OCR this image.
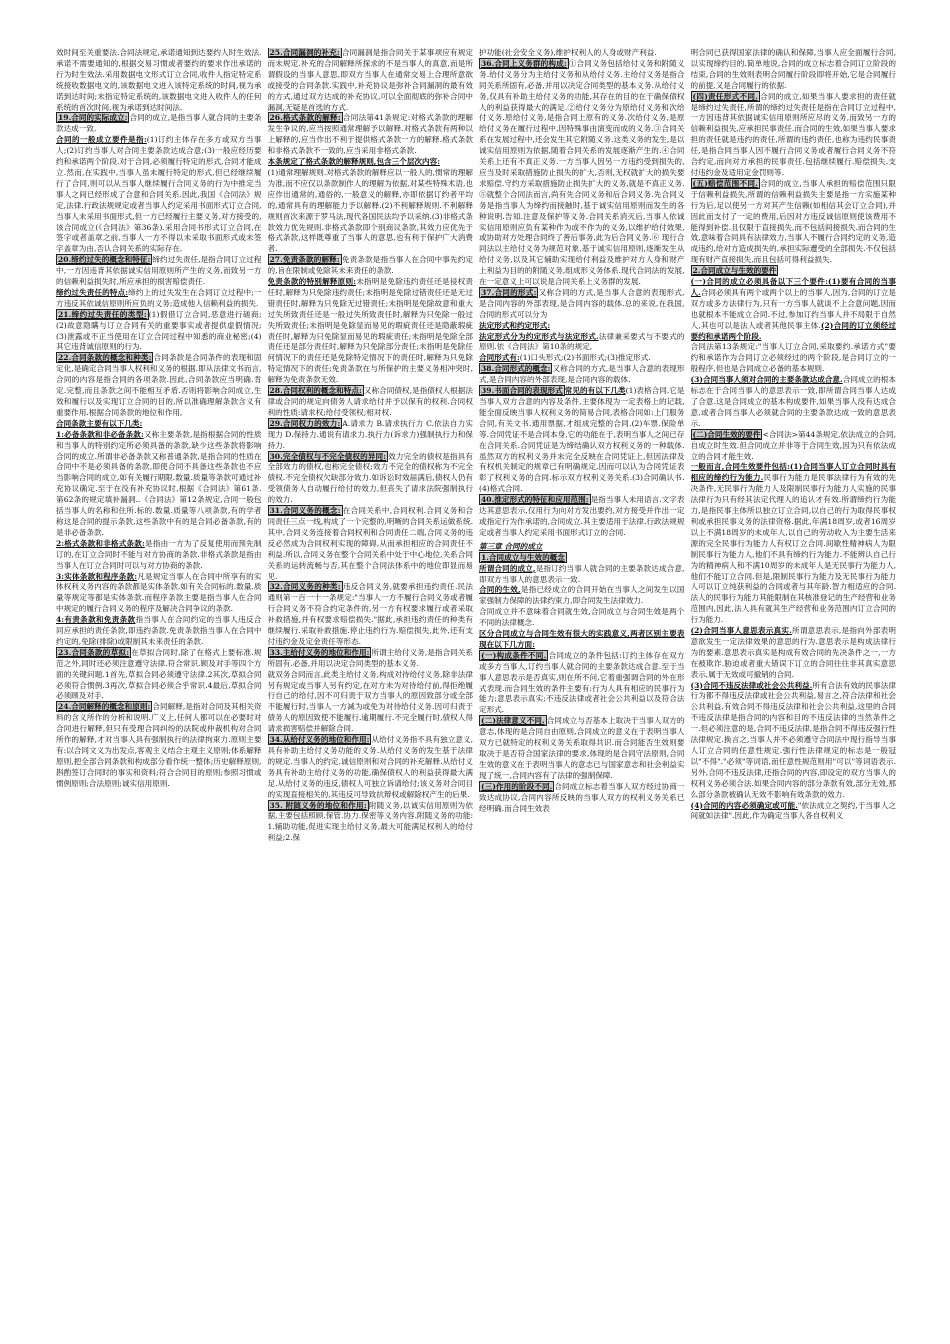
效时间至关重要法.合同法规定,承诺通知到达要约人时生效法.承诺不需要通知的,根据交易习惯或者要约的要求作出承诺的行为时生效法.采用数据电文形式订立合同,收件人指定特定系统接收数据电文的,该数据电文进入该特定系统的时间,视为承诺到达时间;未指定特定系统的,该数据电文进入收件人的任何系统的首次时间,视为承诺到达时间法.

19.合同的实际成立: 合同的成立,是指当事人就合同的主要条款达成一致.

合同的一般成立要件是指:(1)订约主体存在多方或双方当事人;(2)订约当事人对合同主要条款达成合意;(3)一般应经历要约和承诺两个阶段.对于合同,必须履行特定的形式,合同才能成立.然而,在实践中,当事人虽未履行特定的形式,但已经继续履行了合同,则可以从当事人继续履行合同义务的行为中推定当事人之间已经形成了合意和合同关系.因此,我国《合同法》规定,法律.行政法规规定或者当事人约定采用书面形式订立合同,当事人未采用书面形式,但一方已经履行主要义务,对方接受的,该合同成立(《合同法》第36条).采用合同书形式订立合同,在签字或者盖章之前,当事人一方不得以未采取书面形式或未签字盖章为由,否认合同关系的实际存在.

20.缔约过失的概念和特征: 缔约过失责任,是指合同订立过程中,一方因违背其依据诚实信用原则所产生的义务,而致另一方的信赖利益损失时,所应承担的损害赔偿责任.

缔约过失责任的特点:缔约上的过失发生在合同订立过程中;一方违反其依诚信原则所应负的义务;造成他人信赖利益的损失.

21.缔约过失责任的类型: (1)假借订立合同,恶意进行磋商;(2)故意隐瞒与订立合同有关的重要事实或者提供虚假情况;(3)泄露或不正当使用在订立合同过程中知悉的商业秘密;(4)其它违背诚信原则的行为.

22.合同条款的概念和种类: 合同条款是合同条件的表现和固定化,是确定合同当事人权利和义务的根据.即从法律文书而言,合同的内容是指合同的各项条款.因此,合同条款应当明确.肯定.完整,而且条款之间不能相互矛盾.否则将影响合同成立,生效和履行以及实现订立合同的目的,所以准确理解条款含义有重要作用.根据合同条款的地位和作用,

合同条款主要有以下几类:

1:必备条款和非必备条款:又称主要条款,是指根据合同的性质和当事人的特别约定所必须具备的条款,缺少这些条款将影响合同的成立.所谓非必备条款又称普通条款,是指合同的性质在合同中不是必须具备的条款,即使合同不具备这些条款也不应当影响合同的成立,如有关履行期限.数量.质量等条款可通过补充协议确定.至于在没有补充协议时,根据《合同法》第61条.第62条的规定填补漏洞..《合同法》第12条规定,合同一般包括当事人的名称和住所.标的.数量.质量等八项条款,有的学者称这是合同的提示条款,这些条款中有的是合同必备条款,有的是非必备条款.

2:格式条款和非格式条款:是指由一方为了反复使用而预先制订的,在订立合同时不能与对方协商的条款.非格式条款是指由当事人在订立合同时可以与对方协商的条款.

3:实体条款和程序条款:凡是规定当事人在合同中所享有的实体权利义务内容的条款都是实体条款.如有关合同标的.数量.质量等规定等都是实体条款.而程序条款主要是指当事人在合同中规定的履行合同义务的程序及解决合同争议的条款.

4:有责条款和免责条款指当事人在合同约定的当事人违反合同应承担的责任条款,即违约条款.免责条款指当事人在合同中约定的,免除(排除)或限制其未来责任的条款.

23.合同条款的草拟: 在草拟合同时,除了在格式上要标准.规范之外,同时还必须注意遵守法律.符合常识.顾及对手等四个方面的关键问题.1首先,草拟合同必须遵守法律.2其次,草拟合同必须符合惯例.3再次,草拟合同必须合乎常识.4最后,草拟合同必须顾及对手.

24.合同解释的概念和原则: 合同解释,是指对合同及其相关资料的含义所作的分析和说明.广义上,任何人都可以在必要时对合同进行解释,但只有受理合同纠纷的法院或仲裁机构对合同所作的解释,才对当事人具有强制执行的法律拘束力.原则主要有:以合同文义为出发点,客观主义结合主观主义原则;体系解释原则,把全部合同条款和构成部分看作统一整体;历史解释原则,斟酌签订合同时的事实和资料;符合合同目的原则;参照习惯或惯例原则;合法原则;诚实信用原则.

25.合同漏洞的补充: 合同漏洞是指合同关于某事项应有规定而未规定.补充的合同解释所探求的不是当事人的真意,而是所谓假设的当事人意思,即双方当事人在通常交易上合理所意欲或接受的合同条款.实践中,补充协议是弥补合同漏洞的最有效的方式,通过双方达成的补充协议,可以全面彻底的弥补合同中漏洞,无疑是首选的方式.

26.格式条款的解释: 合同法第41条规定:对格式条款的理解发生争议的,应当按照通常理解予以解释.对格式条款有两种以上解释的,应当作出不利于提供格式条款一方的解释.格式条款和非格式条款不一致的,应当采用非格式条款.

本条规定了格式条款的解释规则,包含三个层次内容:

(1)通常理解规则.对格式条款的解释应以一般人的,惯常的理解为准,而不应仅以条款制作人的理解为依据,对某些特殊术语,也应作出通常的,通俗的,一般意义的解释,亦即依据订约者平均的,通常具有的理解能力予以解释.(2)不利解释规则.不利解释规则首次来源于罗马法,现代各国民法均予以采纳.(3)非格式条款效力优先规则.非格式条款即个别商议条款,其效力应优先于格式条款,这样既尊重了当事人的意思,也有利于保护广大消费者.

27.免责条款的解释: 免责条款是指当事人在合同中事先约定的,旨在限制或免除其未来责任的条款.

免责条款的特别解释原则:未指明是免除违约责任还是侵权责任时,解释为只免除违约责任;未指明是免除过错责任还是无过错责任时,解释为只免除无过错责任;未指明是免除故意和重大过失所致责任还是一般过失所致责任时,解释为只免除一般过失所致责任;未指明是免除显而易见的瑕疵责任还是隐蔽瑕疵责任时,解释为只免除显而易见的瑕疵责任;未指明是免除全部责任还是部分责任时,解释为只免除部分责任;未指明是免除任何情况下的责任还是免除特定情况下的责任时,解释为只免除特定情况下的责任;免责条款在与所保护的主要义务相冲突时,解释为免责条款无效.

28.合同权利的概念和特点: 又称合同债权,是指债权人根据法律或合同的规定向债务人请求给付并予以保有的权利.合同权利的性质:请求权;给付受领权;相对权.

29.合同权力的效力: A.请求力 B.请求执行力 C.依法自力实现力 D.保持力.通说有请求力.执行力(诉求力)强制执行力和保持力.

30.完全债权与不完全债权的异同: 效力完全的债权是指具有全部效力的债权,也称完全债权;效力不完全的债权称为不完全债权.不完全债权欠缺部分效力.如诉讼时效届满后,债权人仍有受领债务人自动履行给付的效力,但丧失了请求法院强制执行的效力.

31.合同义务的概念: 在合同关系中,合同权利.合同义务和合同责任三点一线,构成了一个完整的,明晰的合同关系运做系统.其中,合同义务连接着合同权利和合同责任二端,合同义务的违反必然成为合同权利实现的障碍,从而承担相应的合同责任不利益.所以,合同义务在整个合同关系中处于中心地位,关系合同关系的运转流畅与否,其在整个合同法体系中的地位即显而易见.

32.合同义务的种类: 违反合同义务,就要承担违约责任.民法通则第一百一十一条规定:"当事人一方不履行合同义务或者履行合同义务不符合约定条件的,另一方有权要求履行或者采取补救措施,并有权要求赔偿损失."据此,承担违约责任的种类有继续履行.采取补救措施.停止违约行为.赔偿损失,此外,还有支付违约金及定金责任等形态.

33.主给付义务的地位和作用: 所谓主给付义务,是指合同关系所固有.必备,并用以决定合同类型的基本义务.

就双务合同而言,此类主给付义务,构成对待给付义务,除非法律另有规定或当事人另有约定,在对方未为对待给付前,得拒绝履行自己的给付,因不可归责于双方当事人的原因致部分或全部不能履行时,当事人一方减为或免为对待给付义务.因可归责于债务人的原因致使不能履行.逾期履行.不完全履行时,债权人得请求损害赔偿并解除合同.

34.从给付义务的地位和作用: 从给付义务指不具有独立意义,具有补助主给付义务功能的义务.从给付义务的发生基于法律的规定.当事人的约定.诚信原则和对合同的补充解释.从给付义务具有补助主给付义务的功能,确保债权人的利益获得最大满足.从给付义务的违反,债权人可独立诉请给付;该义务对合同目的实现直接相关的,其违反可导致抗辩权或解除权产生的后果.

35. 附随义务的地位和作用: 附随义务,以诚实信用原则为依据,主要包括照顾.保管.协力.保密等义务内容.附随义务的功能:1.辅助功能,促进实现主给付义务,最大可能满足权利人的给付利益;2.保

护功能(社会安全义务),维护权利人的人身或财产利益.

36.合同上义务群的构成: ①合同义务包括给付义务和附随义务.给付义务分为主给付义务和从给付义务.主给付义务是指合同关系所固有,必备,并用以决定合同类型的基本义务.从给付义务,仅具有补助主给付义务的功能,其存在的目的在于确保债权人的利益获得最大的满足.②给付义务分为原给付义务和次给付义务.原给付义务,是指合同上原有的义务.次给付义务,是原给付义务在履行过程中,因特殊事由演变而成的义务.③合同关系在发展过程中,还会发生其它附随义务.这类义务的发生,是以诚实信用原则为依据,随着合同关系的发展逐渐产生的.④合同关系上还有不真正义务.一方当事人因另一方违约受到损失的,应当及时采取措施防止损失的扩大,否则,无权就扩大的损失要求赔偿.守约方采取措施防止损失扩大的义务,就是不真正义务.⑤就整个合同法而言,尚有先合同义务和后合同义务.先合同义务是指当事人为缔约而接触时,基于诚实信用原则而发生的各种说明.告知.注意及保护等义务.合同关系消灭后,当事人依诚实信用原则应负有某种作为或不作为的义务,以维护给付效果,或协助对方处理合同终了善后事务,此为后合同义务.⑥ 现行合同法以主给付义务为规范对象,基于诚实信用原则,逐渐发生从给付义务,以及其它辅助实现给付利益及维护对方人身和财产上利益为目的的附随义务,组成形义务体系.现代合同法的发展,在一定意义上可以说是合同关系上义务群的发展.

37.合同的形式: 又称合同的方式,是当事人合意的表现形式,是合同内容的外部表现,是合同内容的载体.总的来说,在我国,合同的形式可以分为

法定形式和约定形式:

法定形式分为约定形式与法定形式.法律兼采要式与不要式的原则.依《合同法》第10条的规定,

合同形式有:(1)口头形式;(2)书面形式;(3)推定形式.

38.合同形式的概念: 又称合同的方式,是当事人合意的表现形式,是合同内容的外部表现,是合同内容的载体.

39.书面合同的表现形式 常见的有以下几类(1)表格合同.它是当事人双方合意的内容及条件,主要体现为一定表格上的记载,能全面反映当事人权利义务的简易合同,表格合同如:上门服务合同,有关文书.通用票据,才组成完整的合同.(2)车票.保险单等.合同凭证不是合同本身,它的功能在于,表明当事人之间已存在合同关系.合同凭证是为缔结确认双方权利义务的一种载体.虽然双方的权利义务并未完全反映在合同凭证上,但因法律及有权机关制定的规章已有明确规定,因而可以认为合同凭证表彰了权利义务的合同.标示双方权利义务关系.(3)合同确认书.(4)格式合同.

40.推定形式的特征和应用范围: 是指当事人未用语言.文字表达其意思表示,仅用行为向对方发出要约,对方接受并作出一定或指定行为作承诺的,合同成立.其主要适用于法律.行政法规规定或者当事人约定采用书面形式订立的合同.

第三章 合同的成立

1.合同成立与生效的概念

所谓合同的成立,是指订约当事人就合同的主要条款达成合意,即双方当事人的意思表示一致.

合同的生效,是指已经成立的合同开始在当事人之间发生以国家强制力保障的法律约束力,即合同发生法律效力.

合同成立并不意味着合同就生效,合同成立与合同生效是两个不同的法律概念.

区分合同成立与合同生效有很大的实践意义,两者区别主要表现在以下几方面:

(一)构成条件不同. 合同成立的条件包括:订约主体存在双方或多方当事人,订约当事人就合同的主要条款达成合意.至于当事人意思表示是否真实,则在所不问,它着重强调合同的外在形式表现.而合同生效的条件主要有:行为人具有相应的民事行为能力;意思表示真实;不违反法律或者社会公共利益以及符合法定形式.

(二)法律意义不同. 合同成立与否基本上取决于当事人双方的意志,体现的是合同自由原则,合同成立的意义在于表明当事人双方已就特定的权利义务关系取得共识.而合同能否生效则要取决于是否符合国家法律的要求,体现的是合同守法原则,合同生效的意义在于表明当事人的意志已与国家意志和社会利益实现了统一,合同内容有了法律的强制保障.

(三)作用的阶段不同. 合同成立标志着当事人双方经过协商一致达成协议,合同内容所反映的当事人双方的权利义务关系已经明确.而合同生效表

明合同已获得国家法律的确认和保障,当事人应全面履行合同,以实现缔约目的.简单地说,合同的成立标志着合同订立阶段的结束,合同的生效则表明合同履行阶段即将开始,它是合同履行的前提,又是合同履行的依据.

(四)责任形式不同. 合同的成立,如果当事人要求担的责任就是缔约过失责任,所谓的缔约过失责任是指在合同订立过程中,一方因违背其依据诚实信用原则所应尽的义务,而致另一方的信赖利益损失,应承担民事责任.而合同的生效,如果当事人要求担的责任就是违约的责任,所谓的违约责任,也称为违约民事责任,是指合同当事人因不履行合同义务或者履行合同义务不符合约定,而向对方承担的民事责任.包括继续履行.赔偿损失.支付违约金及适用定金罚则等.

(五)赔偿范围不同. 合同的成立,当事人承担的赔偿范围只限于信赖利益损失,所谓的信赖利益损失主要是指一方实施某种行为后,足以使另一方对其产生信赖(如相信其会订立合同),并因此而支付了一定的费用,后因对方违反诚信原则使该费用不能得到补偿.且仅限于直接损失,而不包括间接损失.而合同的生效,意味着合同具有法律效力,当事人不履行合同约定的义务,造成违约,给对方造成损失的,承担实际遭受的全部损失.不仅包括现有财产直接损失,而且包括可得利益损失.

2.合同成立与生效的要件

(一)合同的成立必须具备以下三个要件:(1)要有合同的当事人.合同必须具有两个或两个以上的当事人,因为,合同的订立是双方或多方法律行为,只有一方当事人就谈不上合意问题,因而也就根本不能成立合同.不过,参加订约当事人并不局限于自然人,其也可以是法人或者其他民事主体.(2)合同的订立须经过要约和承诺两个阶段.

合同法第13条规定:"当事人订立合同,采取要约.承诺方式"要约和承诺作为合同订立必须经过的两个阶段,是合同订立的一般程序,但也是合同成立必备的基本规则.

(3)合同当事人须对合同的主要条款达成合意.合同成立的根本标志在于合同当事人的意思表示一致,即所谓合同当事人达成了合意.这是合同成立的基本构成要件,如果当事人没有达成合意,或者合同当事人必须就合同的主要条款达成一致的意思表示.

(二)合同生效的要件 <合同法>第44条规定,依法成立的合同,自成立时生效.但合同成立并非等于合同生效,因为只有依法成立的合同才能生效.

一般而言,合同生效要件包括:(1)合同当事人订立合同时具有相应的缔约行为能力.民事行为能力是民事法律行为有效的先决条件,无民事行为能力人及限制民事行为能力人实施的民事法律行为只有经其法定代理人的追认才有效.所谓缔约行为能力,是指民事主体所以独立订立合同,以自己的行为取得民事权利或承担民事义务的法律资格.据此,年满18周岁,或者16周岁以上不满18周岁的未成年人,以自己的劳动收入为主要生活来源的完全民事行为能力人有权订立合同.间歇性精神病人为限制民事行为能力人,他们不具有缔约行为能力.不能辨认自己行为的精神病人和不满10周岁的未成年人是无民事行为能力人,他们不能订立合同.但是,限制民事行为能力及无民事行为能力人可以订立纯获利益的合同或者与其年龄.智力相适应的合同.法人的民事行为能力其能限制在其核准登记的生产经营和业务范围内,因此,法人具有就其生产经营和业务范围内订立合同的行为能力.

(2)合同当事人意思表示真实.所谓意思表示,是指向外部表明意欲发生一定法律效果的意思的行为.意思表示是构成法律行为的要素.意思表示真实是构成有效合同的先决条件之一,一方在被欺诈.胁迫或者重大错误下订立的合同往往非其真实意思表示,属于无效或可撤销的合同.

(3)合同不违反法律或社会公共利益.所有合法有效的民事法律行为都不得违反法律或社会公共利益,易言之,符合法律和社会公共利益.有效合同不得违反法律和社会公共利益,这里的合同不违反法律是指合同的内容和目的不违反法律的当然条件之一.但必须注意的是,合同不违反法律,是指合同不得违反强行性法律规定.换言之,当事人并不必须遵守合同法中现行指导当事人订立合同的任意性规定.强行性法律规定的标志是一般冠以"不得"."必须"等词语,而任意性规范则用"可以"等词语表示.另外,合同不违反法律,还指合同的内容,即设定的双方当事人的权利义务必须合法.如果合同内容的部分条款有效,部分无效,那么部分条款被确认无效不影响有效条款的效力.

(4)合同的内容必须确定或可能."依法成立之契约,于当事人之间就如法律".因此,作为确定当事人各自权利义
